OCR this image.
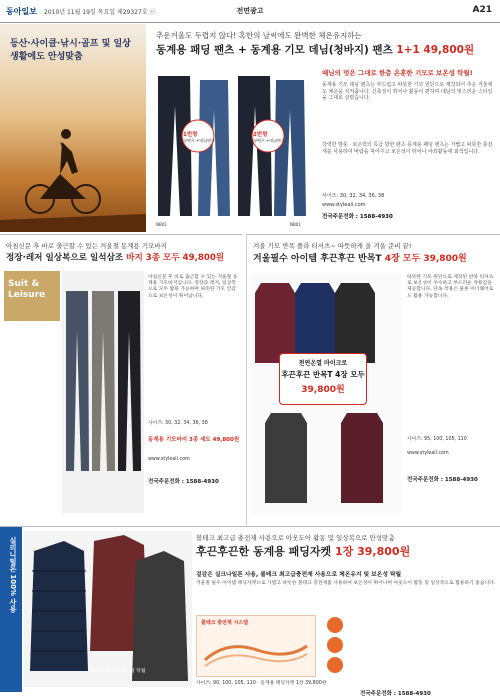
동아일보 2010년 11월 19일 목요일 제29327호 ⓔ	전면광고	A21
등산·사이클·낚시·골프 및 일상생활에도 안성맞춤
추운겨울도 두렵지 않다! 혹한의 날씨에도 완벽한 체온유지하는
동계용 패딩 팬츠 + 동계용 기모 데님(청바지) 팬츠 1+1 49,800원
1번형
패딩팬츠 +데님팬츠
2번형
패딩팬츠 +데님팬츠
NB01	NB01
때님의 멋은 그대로 한층 온훈한 기모로 보온성 탁월!
동계용 기모 데님 팬츠는 부드럽고 따뜻한 기모 원단으로 제작되어 추운 겨울에도 체온을 지켜줍니다. 신축성이 뛰어나 활동이 편하며 데님의 멋스러운 스타일을 그대로 살렸습니다.
강력한 방풍 · 보온력의 특급 방한 팬츠 동계용 패딩 팬츠는 가볍고 따뜻한 충전재를 사용하여 바람을 막아주고 보온성이 뛰어나 야외활동에 최적입니다.
사이즈: 30, 32, 34, 36, 38
www.styleali.com
전국주문전화 : 1588-4930
아침신문 후 바로 출근할 수 있는 겨울철 동계용 기모바지
정장·레저 일상복으로 일석삼조 바지 3종 모두 49,800원
Suit & Leisure
아침신문 후 바로 출근할 수 있는 겨울철 동계용 기모바지입니다. 정장과 레저, 일상복으로 모두 활용 가능하며 따뜻한 기모 안감으로 보온성이 뛰어납니다.
사이즈: 30, 32, 34, 36, 38
동계용 기모바지 3종 세트 49,800원
www.styleali.com
전국주문전화 : 1588-4930
겨울 기모 반목 폴라 티셔츠~ 따뜻하게 올 겨울 준비 끝!
겨울필수 아이템 후끈후끈 반목T 4장 모두 39,800원
천연온열 마이크로
후끈후끈 반목T 4장 모두
39,800원
따뜻한 기모 원단으로 제작된 반목 티셔츠로 보온성이 우수하고 부드러운 착용감을 제공합니다. 단독 착용은 물론 이너웨어로도 활용 가능합니다.
사이즈: 95, 100, 105, 110
www.styleali.com
전국주문전화 : 1588-4930
실리니털론 100% 사용
볼테크 충전재 보온성 탁월
볼테크 최고급 충전재 사용으로 아웃도어 활동 및 일상복으로 안성맞춤
후끈후끈한 동계용 패딩자켓 1장 39,800원
겉감은 실크나일론 사용, 볼테크 최고급충전재 사용으로 체온유지 및 보온성 탁월
겨울철 필수 아이템 패딩자켓으로 가볍고 따뜻한 볼테크 충전재를 사용하여 보온성이 뛰어나며 아웃도어 활동 및 일상복으로 활용하기 좋습니다.
볼테크 충전재 시스템
사이즈: 90, 100, 105, 110 · 동계용 패딩자켓 1장 39,800원
전국주문전화 : 1588-4930
